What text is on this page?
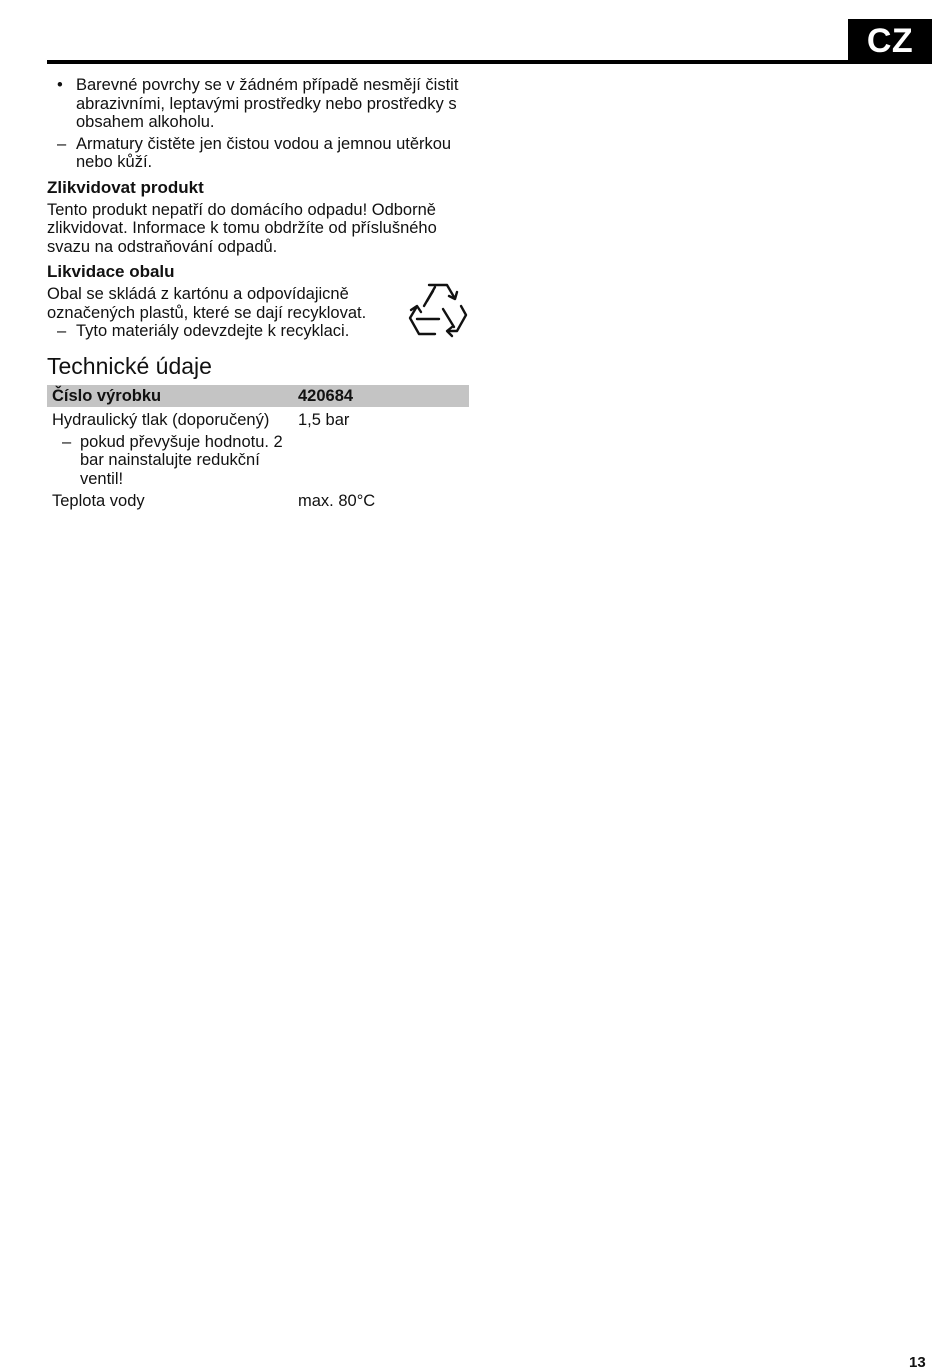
CZ
• Barevné povrchy se v žádném případě nesmějí čistit abrazivními, leptavými prostředky nebo prostředky s obsahem alkoholu.
– Armatury čistěte jen čistou vodou a jemnou utěrkou nebo kůží.
Zlikvidovat produkt

Tento produkt nepatří do domácího odpadu! Odborně zlikvidovat. Informace k tomu obdržíte od příslušného svazu na odstraňování odpadů.

Likvidace obalu

Obal se skládá z kartónu a odpovídajicně označených plastů, které se dají recyklovat.

– Tyto materiály odevzdejte k recyklaci.
Technické údaje
Číslo výrobku	420684
Hydraulický tlak (doporučený)	1,5 bar

– pokud převyšuje hodnotu. 2 bar nainstalujte redukční ventil!	

Teplota vody	max. 80°C
13
